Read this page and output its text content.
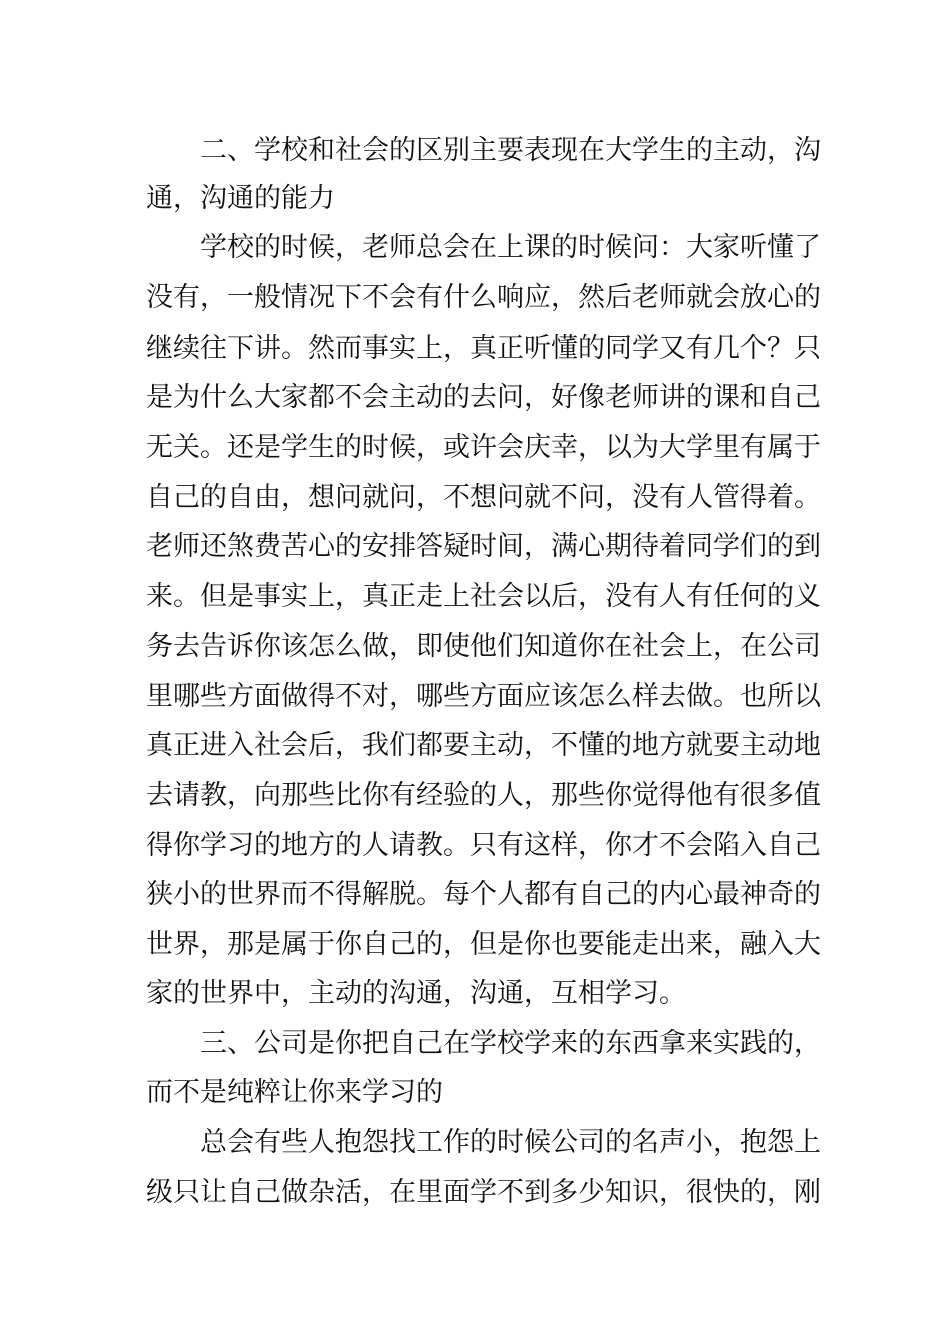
二、学校和社会的区别主要表现在大学生的主动，沟
通，沟通的能力
学校的时候，老师总会在上课的时候问：大家听懂了
没有，一般情况下不会有什么响应，然后老师就会放心的
继续往下讲。然而事实上，真正听懂的同学又有几个？只
是为什么大家都不会主动的去问，好像老师讲的课和自己
无关。还是学生的时候，或许会庆幸，以为大学里有属于
自己的自由，想问就问，不想问就不问，没有人管得着。
老师还煞费苦心的安排答疑时间，满心期待着同学们的到
来。但是事实上，真正走上社会以后，没有人有任何的义
务去告诉你该怎么做，即使他们知道你在社会上，在公司
里哪些方面做得不对，哪些方面应该怎么样去做。也所以
真正进入社会后，我们都要主动，不懂的地方就要主动地
去请教，向那些比你有经验的人，那些你觉得他有很多值
得你学习的地方的人请教。只有这样，你才不会陷入自己
狭小的世界而不得解脱。每个人都有自己的内心最神奇的
世界，那是属于你自己的，但是你也要能走出来，融入大
家的世界中，主动的沟通，沟通，互相学习。
三、公司是你把自己在学校学来的东西拿来实践的，
而不是纯粹让你来学习的
总会有些人抱怨找工作的时候公司的名声小，抱怨上
级只让自己做杂活，在里面学不到多少知识，很快的，刚
